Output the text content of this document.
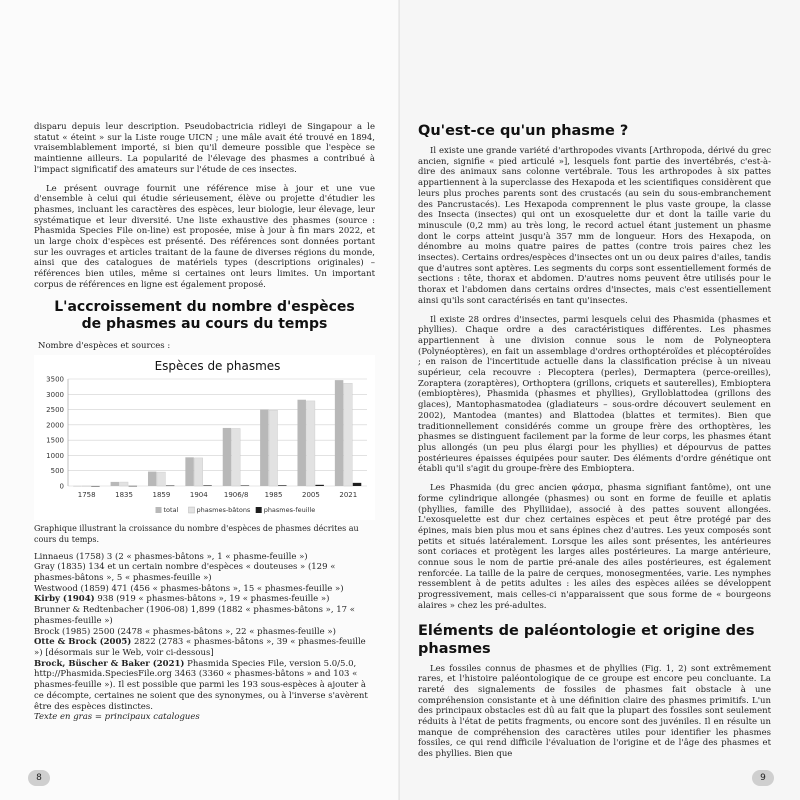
disparu depuis leur description. Pseudobactricia ridleyi de Singapour a le statut « éteint » sur la Liste rouge UICN ; une mâle avait été trouvé en 1894, vraisemblablement importé, si bien qu'il demeure possible que l'espèce se maintienne ailleurs. La popularité de l'élevage des phasmes a contribué à l'impact significatif des amateurs sur l'étude de ces insectes.

Le présent ouvrage fournit une référence mise à jour et une vue d'ensemble à celui qui étudie sérieusement, élève ou projette d'étudier les phasmes, incluant les caractères des espèces, leur biologie, leur élevage, leur systématique et leur diversité. Une liste exhaustive des phasmes (source : Phasmida Species File on-line) est proposée, mise à jour à fin mars 2022, et un large choix d'espèces est présenté. Des références sont données portant sur les ouvrages et articles traitant de la faune de diverses régions du monde, ainsi que des catalogues de matériels types (descriptions originales) – références bien utiles, même si certaines ont leurs limites. Un important corpus de références en ligne est également proposé.

L'accroissement du nombre d'espèces
de phasmes au cours du temps
Nombre d'espèces et sources :
Espèces de phasmes
0
500
1000
1500
2000
2500
3000
3500
1758	1835	1859	1904 1906/8 1985	2005	2021
total	phasmes-bâtons phasmes-feuille
Graphique illustrant la croissance du nombre d'espèces de phasmes décrites au cours du temps.
Linnaeus (1758) 3 (2 « phasmes-bâtons », 1 « phasme-feuille »)
Gray (1835) 134 et un certain nombre d'espèces « douteuses » (129 « phasmes-bâtons », 5 « phasmes-feuille »)
Westwood (1859) 471 (456 « phasmes-bâtons », 15 « phasmes-feuille »)
Kirby (1904) 938 (919 « phasmes-bâtons », 19 « phasmes-feuille »)
Brunner & Redtenbacher (1906-08) 1,899 (1882 « phasmes-bâtons », 17 « phasmes-feuille »)
Brock (1985) 2500 (2478 « phasmes-bâtons », 22 « phasmes-feuille »)
Otte & Brock (2005) 2822 (2783 « phasmes-bâtons », 39 « phasmes-feuille ») [désormais sur le Web, voir ci-dessous]
Brock, Büscher & Baker (2021) Phasmida Species File, version 5.0/5.0, http://Phasmida.SpeciesFile.org 3463 (3360 « phasmes-bâtons » and 103 « phasmes-feuille »). Il est possible que parmi les 193 sous-espèces à ajouter à ce décompte, certaines ne soient que des synonymes, ou à l'inverse s'avèrent être des espèces distinctes.
Texte en gras = principaux catalogues
8
Qu'est-ce qu'un phasme ?

Il existe une grande variété d'arthropodes vivants [Arthropoda, dérivé du grec ancien, signifie « pied articulé »], lesquels font partie des invertébrés, c'est-à-dire des animaux sans colonne vertébrale. Tous les arthropodes à six pattes appartiennent à la superclasse des Hexapoda et les scientifiques considèrent que leurs plus proches parents sont des crustacés (au sein du sous-embranchement des Pancrustacés). Les Hexapoda comprennent le plus vaste groupe, la classe des Insecta (insectes) qui ont un exosquelette dur et dont la taille varie du minuscule (0,2 mm) au très long, le record actuel étant justement un phasme dont le corps atteint jusqu'à 357 mm de longueur. Hors des Hexapoda, on dénombre au moins quatre paires de pattes (contre trois paires chez les insectes). Certains ordres/espèces d'insectes ont un ou deux paires d'ailes, tandis que d'autres sont aptères. Les segments du corps sont essentiellement formés de sections : tête, thorax et abdomen. D'autres noms peuvent être utilisés pour le thorax et l'abdomen dans certains ordres d'insectes, mais c'est essentiellement ainsi qu'ils sont caractérisés en tant qu'insectes.

Il existe 28 ordres d'insectes, parmi lesquels celui des Phasmida (phasmes et phyllies). Chaque ordre a des caractéristiques différentes. Les phasmes appartiennent à une division connue sous le nom de Polyneoptera (Polynéoptères), en fait un assemblage d'ordres orthoptéroïdes et plécoptéroïdes ; en raison de l'incertitude actuelle dans la classification précise à un niveau supérieur, cela recouvre : Plecoptera (perles), Dermaptera (perce-oreilles), Zoraptera (zoraptères), Orthoptera (grillons, criquets et sauterelles), Embioptera (embioptères), Phasmida (phasmes et phyllies), Grylloblattodea (grillons des glaces), Mantophasmatodea (gladiateurs – sous-ordre découvert seulement en 2002), Mantodea (mantes) and Blattodea (blattes et termites). Bien que traditionnellement considérés comme un groupe frère des orthoptères, les phasmes se distinguent facilement par la forme de leur corps, les phasmes étant plus allongés (un peu plus élargi pour les phyllies) et dépourvus de pattes postérieures épaisses équipées pour sauter. Des éléments d'ordre génétique ont établi qu'il s'agit du groupe-frère des Embioptera.

Les Phasmida (du grec ancien φάσμα, phasma signifiant fantôme), ont une forme cylindrique allongée (phasmes) ou sont en forme de feuille et aplatis (phyllies, famille des Phylliidae), associé à des pattes souvent allongées. L'exosquelette est dur chez certaines espèces et peut être protégé par des épines, mais bien plus mou et sans épines chez d'autres. Les yeux composés sont petits et situés latéralement. Lorsque les ailes sont présentes, les antérieures sont coriaces et protègent les larges ailes postérieures. La marge antérieure, connue sous le nom de partie pré-anale des ailes postérieures, est également renforcée. La taille de la paire de cerques, monosegmentées, varie. Les nymphes ressemblent à de petits adultes : les ailes des espèces ailées se développent progressivement, mais celles-ci n'apparaissent que sous forme de « bourgeons alaires » chez les pré-adultes.

Eléments de paléontologie et origine des phasmes

Les fossiles connus de phasmes et de phyllies (Fig. 1, 2) sont extrêmement rares, et l'histoire paléontologique de ce groupe est encore peu concluante. La rareté des signalements de fossiles de phasmes fait obstacle à une compréhension consistante et à une définition claire des phasmes primitifs. L'un des principaux obstacles est dû au fait que la plupart des fossiles sont seulement réduits à l'état de petits fragments, ou encore sont des juvéniles. Il en résulte un manque de compréhension des caractères utiles pour identifier les phasmes fossiles, ce qui rend difficile l'évaluation de l'origine et de l'âge des phasmes et des phyllies. Bien que

9
